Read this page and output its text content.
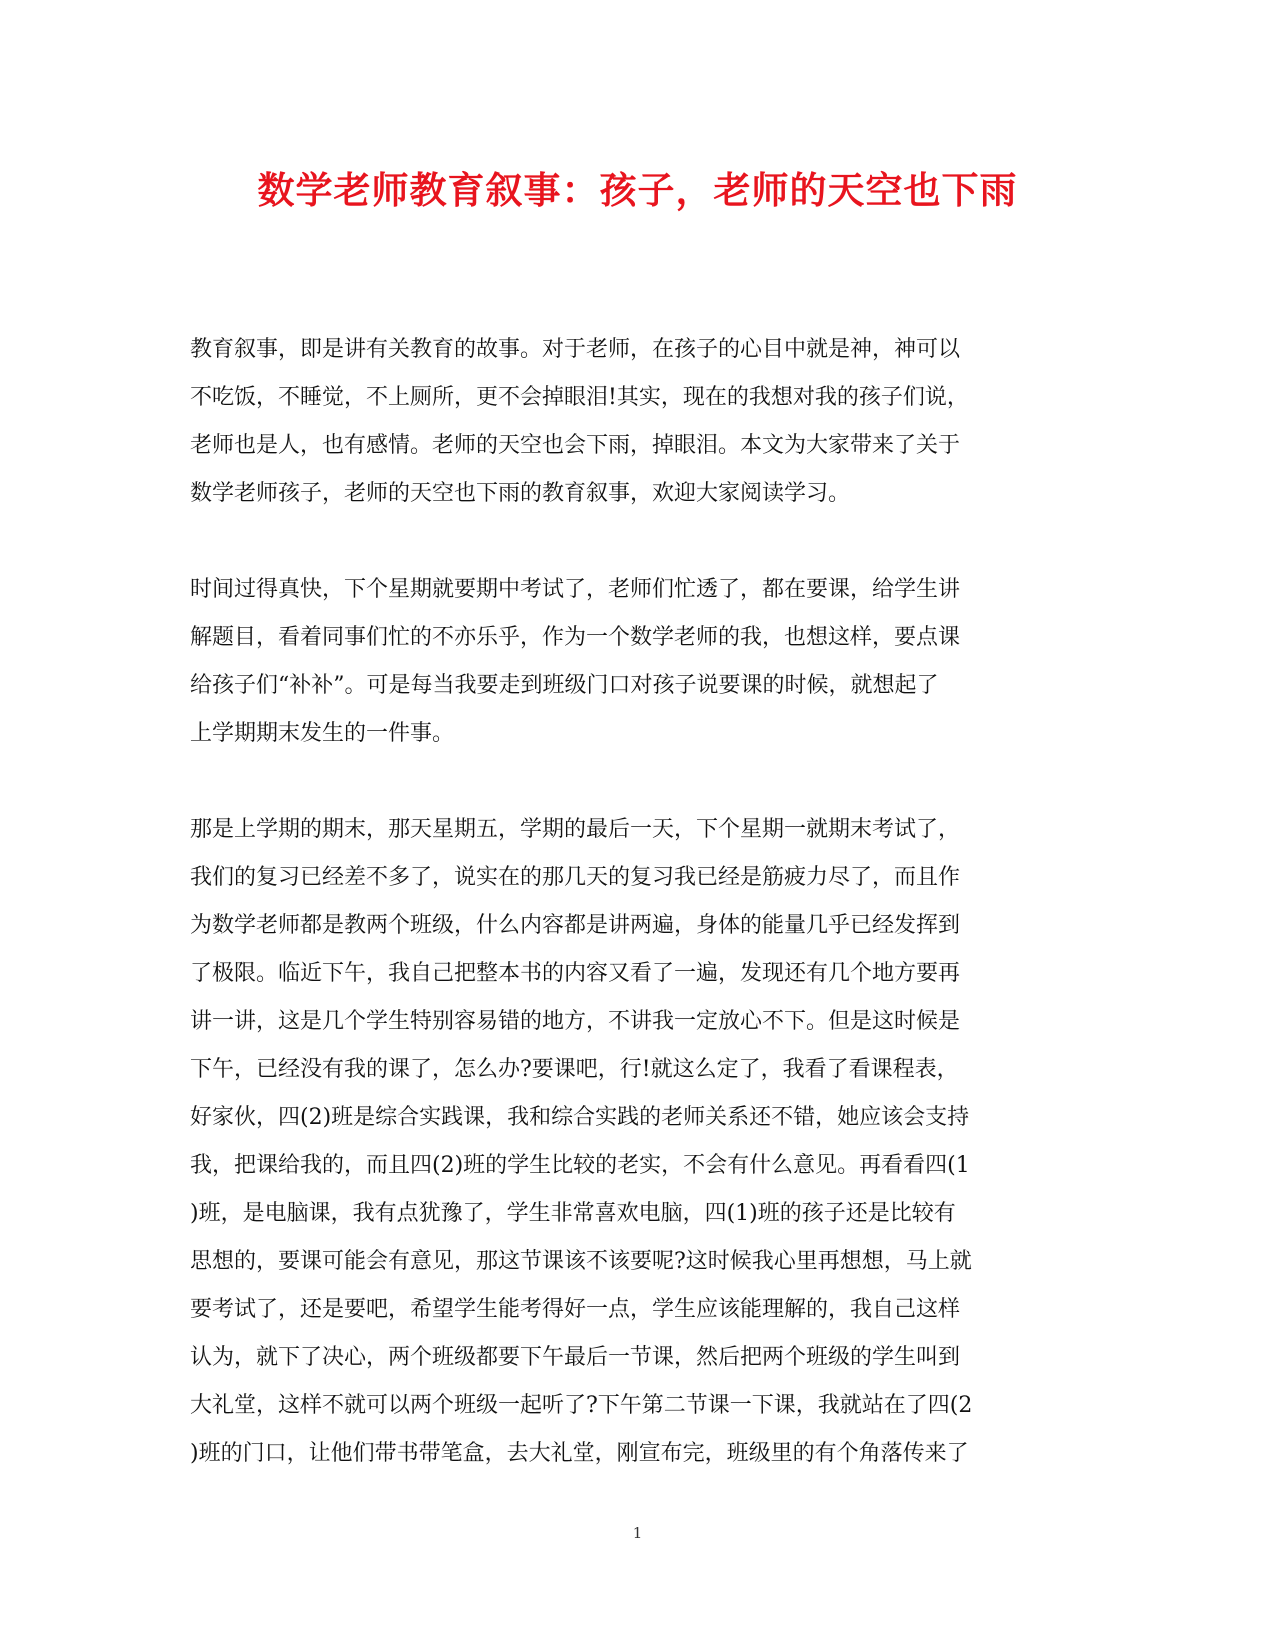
数学老师教育叙事：孩子，老师的天空也下雨

教育叙事，即是讲有关教育的故事。对于老师，在孩子的心目中就是神，神可以
不吃饭，不睡觉，不上厕所，更不会掉眼泪!其实，现在的我想对我的孩子们说，
老师也是人，也有感情。老师的天空也会下雨，掉眼泪。本文为大家带来了关于
数学老师孩子，老师的天空也下雨的教育叙事，欢迎大家阅读学习。

时间过得真快，下个星期就要期中考试了，老师们忙透了，都在要课，给学生讲
解题目，看着同事们忙的不亦乐乎，作为一个数学老师的我，也想这样，要点课
给孩子们“补补”。可是每当我要走到班级门口对孩子说要课的时候，就想起了
上学期期末发生的一件事。

那是上学期的期末，那天星期五，学期的最后一天，下个星期一就期末考试了，
我们的复习已经差不多了，说实在的那几天的复习我已经是筋疲力尽了，而且作
为数学老师都是教两个班级，什么内容都是讲两遍，身体的能量几乎已经发挥到
了极限。临近下午，我自己把整本书的内容又看了一遍，发现还有几个地方要再
讲一讲，这是几个学生特别容易错的地方，不讲我一定放心不下。但是这时候是
下午，已经没有我的课了，怎么办?要课吧，行!就这么定了，我看了看课程表，
好家伙，四(2)班是综合实践课，我和综合实践的老师关系还不错，她应该会支持
我，把课给我的，而且四(2)班的学生比较的老实，不会有什么意见。再看看四(1
)班，是电脑课，我有点犹豫了，学生非常喜欢电脑，四(1)班的孩子还是比较有
思想的，要课可能会有意见，那这节课该不该要呢?这时候我心里再想想，马上就
要考试了，还是要吧，希望学生能考得好一点，学生应该能理解的，我自己这样
认为，就下了决心，两个班级都要下午最后一节课，然后把两个班级的学生叫到
大礼堂，这样不就可以两个班级一起听了?下午第二节课一下课，我就站在了四(2
)班的门口，让他们带书带笔盒，去大礼堂，刚宣布完，班级里的有个角落传来了

1
